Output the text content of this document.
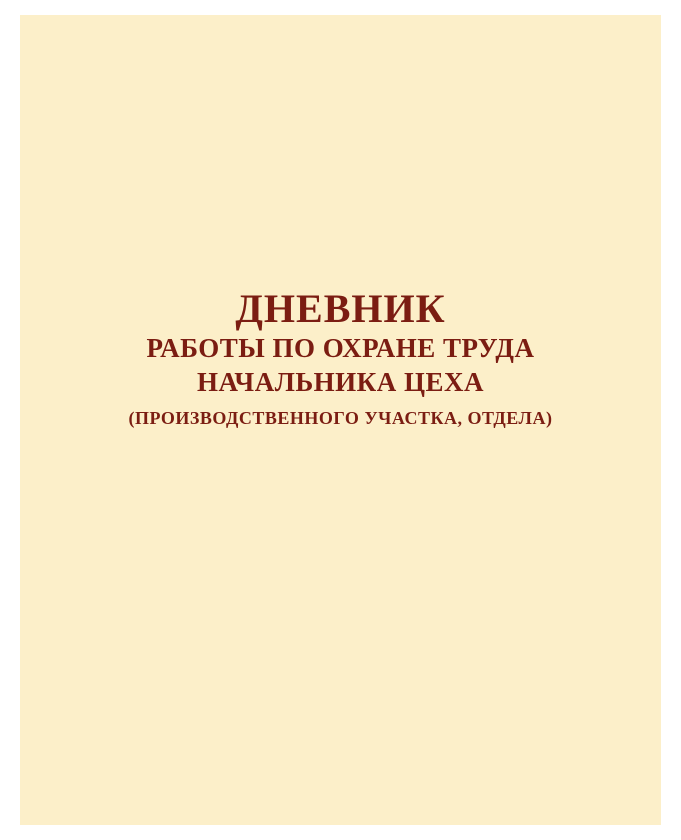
ДНЕВНИК
РАБОТЫ ПО ОХРАНЕ ТРУДА
НАЧАЛЬНИКА ЦЕХА
(ПРОИЗВОДСТВЕННОГО УЧАСТКА, ОТДЕЛА)
